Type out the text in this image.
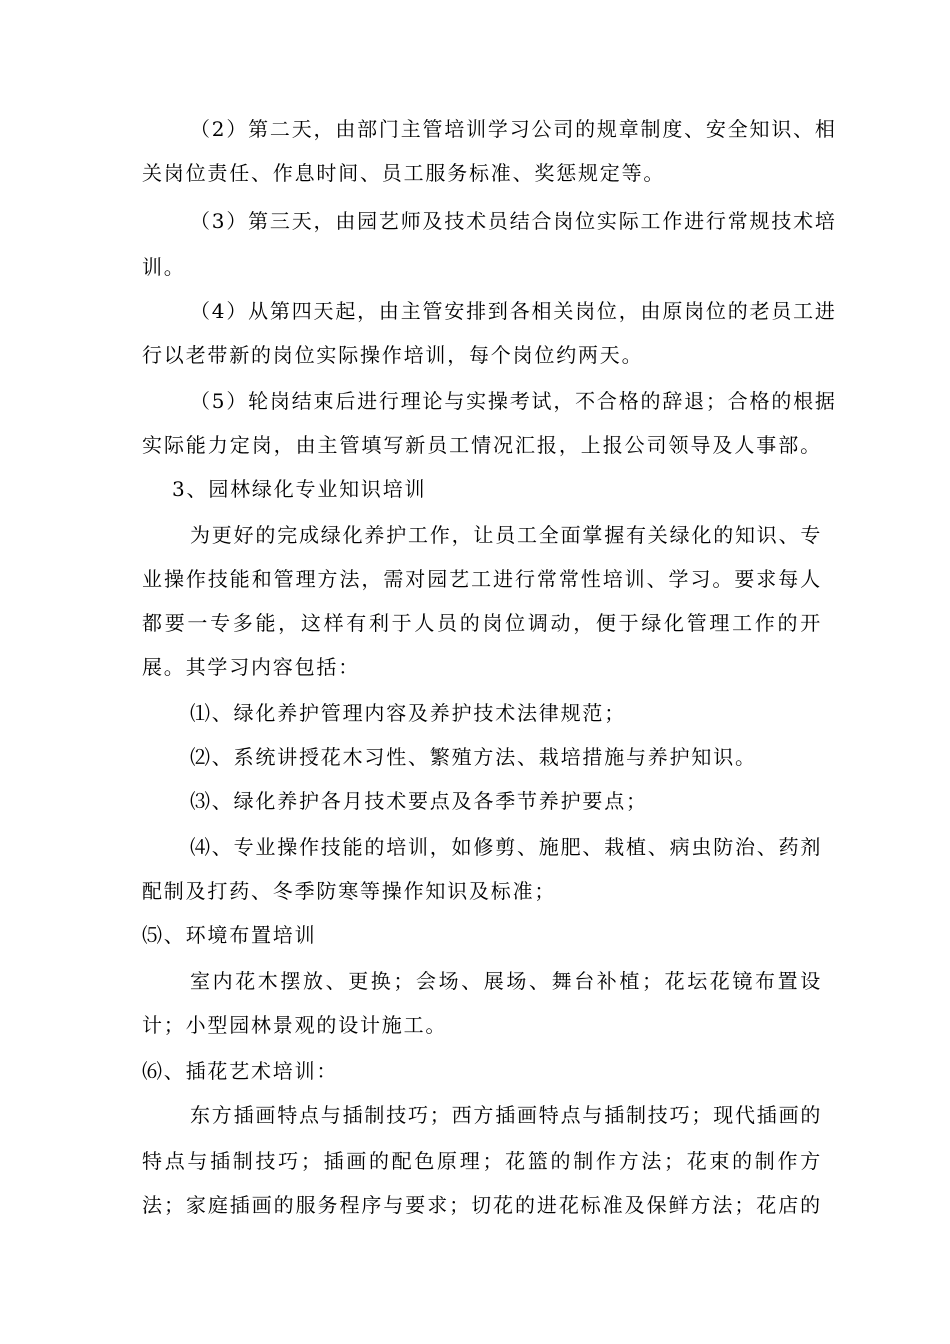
（2）第二天，由部门主管培训学习公司的规章制度、安全知识、相
关岗位责任、作息时间、员工服务标准、奖惩规定等。
（3）第三天，由园艺师及技术员结合岗位实际工作进行常规技术培
训。
（4）从第四天起，由主管安排到各相关岗位，由原岗位的老员工进
行以老带新的岗位实际操作培训，每个岗位约两天。
（5）轮岗结束后进行理论与实操考试，不合格的辞退；合格的根据
实际能力定岗，由主管填写新员工情况汇报，上报公司领导及人事部。
3、园林绿化专业知识培训
为更好的完成绿化养护工作，让员工全面掌握有关绿化的知识、专
业操作技能和管理方法，需对园艺工进行常常性培训、学习。要求每人
都要一专多能，这样有利于人员的岗位调动，便于绿化管理工作的开
展。其学习内容包括：
⑴、绿化养护管理内容及养护技术法律规范；
⑵、系统讲授花木习性、繁殖方法、栽培措施与养护知识。
⑶、绿化养护各月技术要点及各季节养护要点；
⑷、专业操作技能的培训，如修剪、施肥、栽植、病虫防治、药剂
配制及打药、冬季防寒等操作知识及标准；
⑸、环境布置培训
室内花木摆放、更换；会场、展场、舞台补植；花坛花镜布置设
计；小型园林景观的设计施工。
⑹、插花艺术培训：
东方插画特点与插制技巧；西方插画特点与插制技巧；现代插画的
特点与插制技巧；插画的配色原理；花篮的制作方法；花束的制作方
法；家庭插画的服务程序与要求；切花的进花标准及保鲜方法；花店的
